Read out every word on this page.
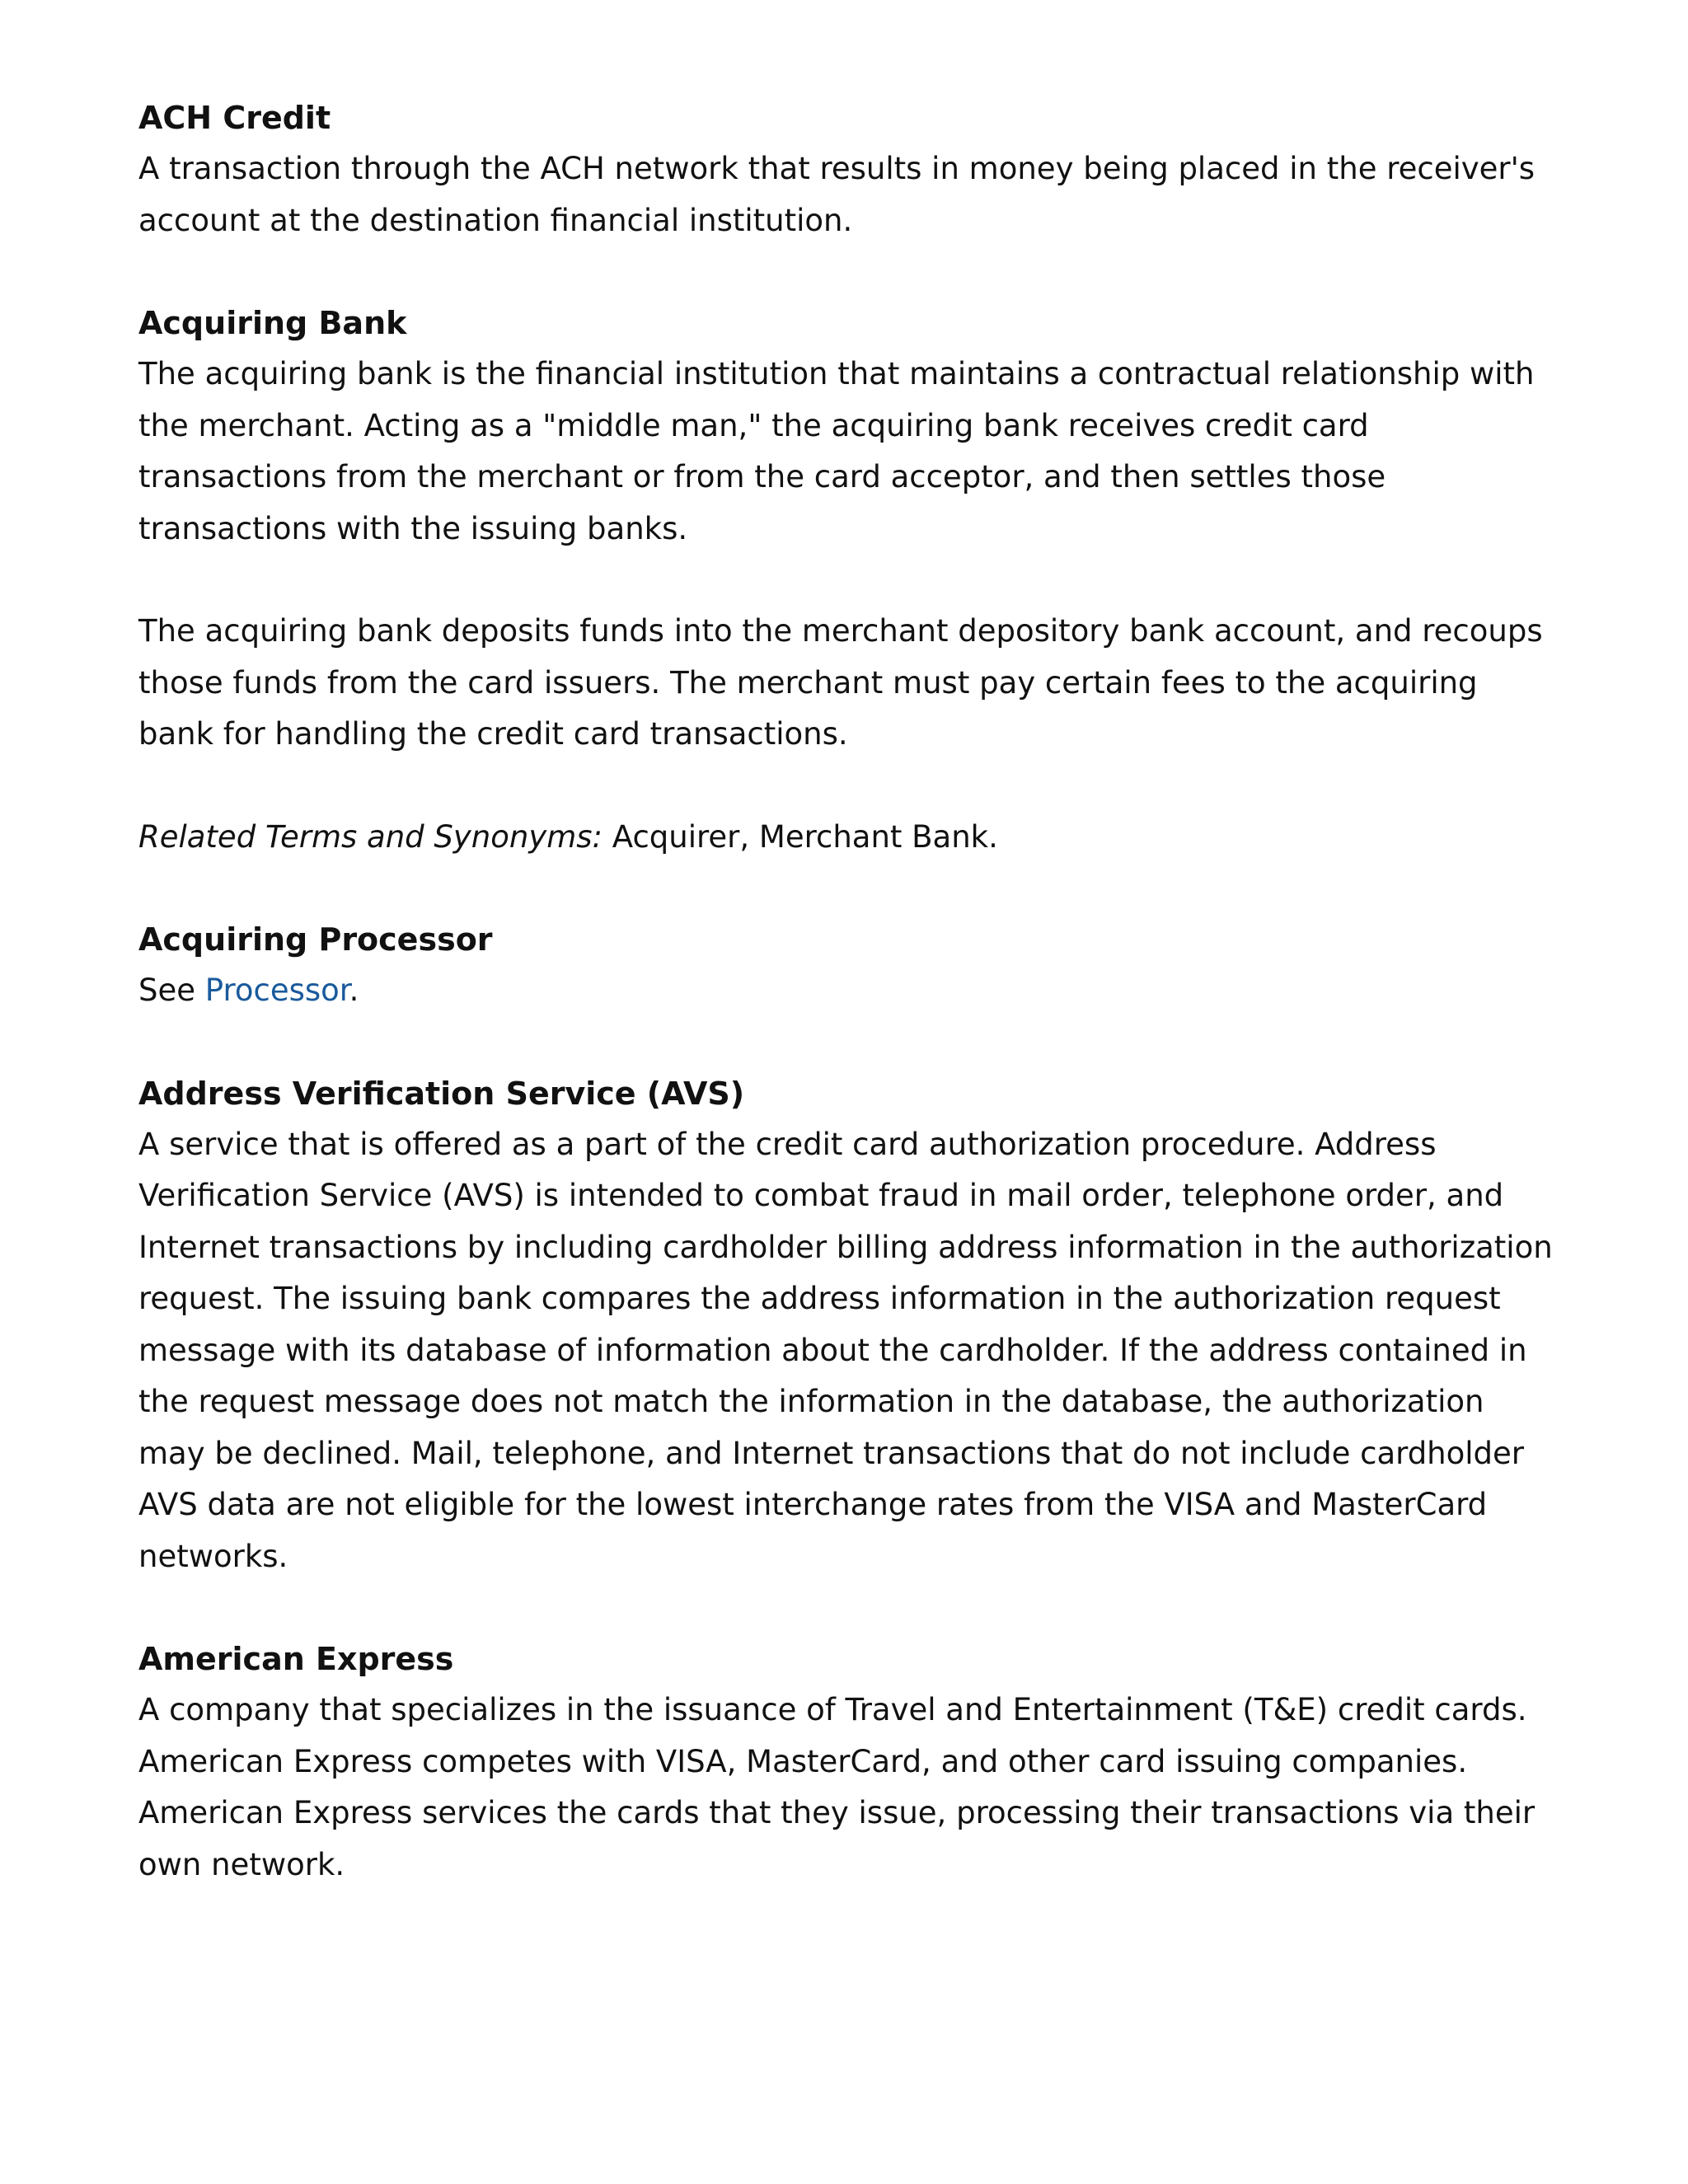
ACH Credit

A transaction through the ACH network that results in money being placed in the receiver's account at the destination financial institution.

Acquiring Bank

The acquiring bank is the financial institution that maintains a contractual relationship with the merchant. Acting as a "middle man," the acquiring bank receives credit card transactions from the merchant or from the card acceptor, and then settles those transactions with the issuing banks.

The acquiring bank deposits funds into the merchant depository bank account, and recoups those funds from the card issuers. The merchant must pay certain fees to the acquiring bank for handling the credit card transactions.

Related Terms and Synonyms: Acquirer, Merchant Bank.

Acquiring Processor

See Processor.

Address Verification Service (AVS)

A service that is offered as a part of the credit card authorization procedure. Address Verification Service (AVS) is intended to combat fraud in mail order, telephone order, and Internet transactions by including cardholder billing address information in the authorization request. The issuing bank compares the address information in the authorization request message with its database of information about the cardholder. If the address contained in the request message does not match the information in the database, the authorization may be declined. Mail, telephone, and Internet transactions that do not include cardholder AVS data are not eligible for the lowest interchange rates from the VISA and MasterCard networks.

American Express

A company that specializes in the issuance of Travel and Entertainment (T&E) credit cards. American Express competes with VISA, MasterCard, and other card issuing companies. American Express services the cards that they issue, processing their transactions via their own network.
